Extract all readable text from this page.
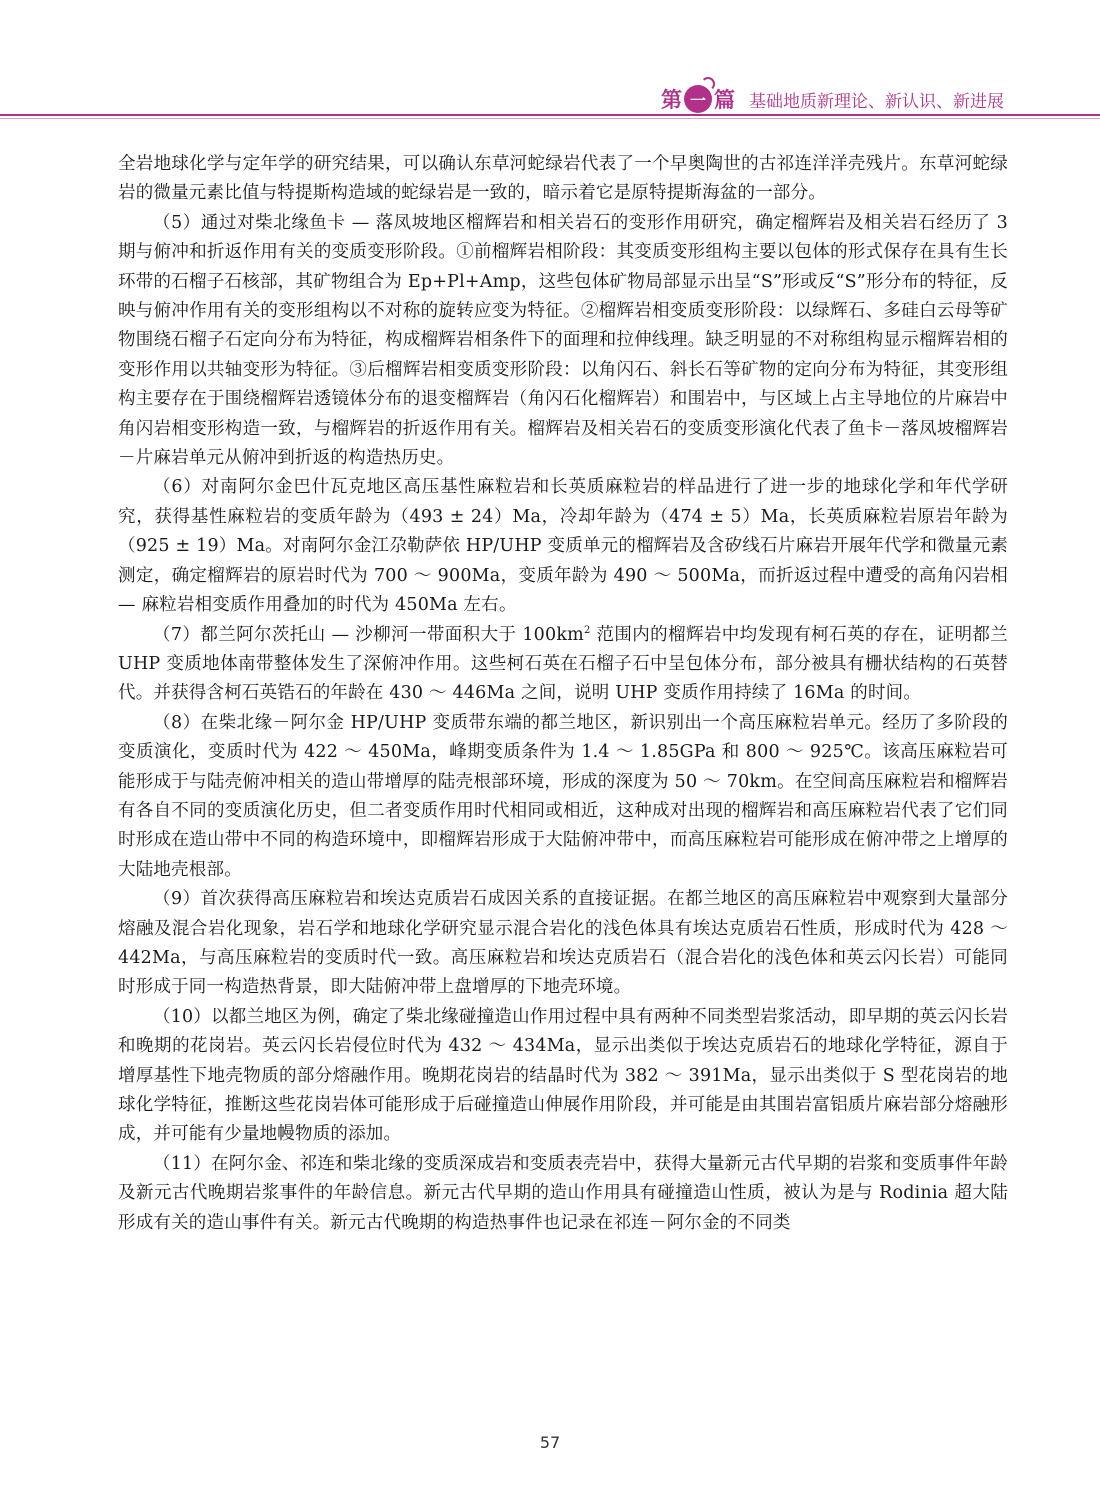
第 一 篇 基础地质新理论、新认识、新进展

全岩地球化学与定年学的研究结果，可以确认东草河蛇绿岩代表了一个早奥陶世的古祁连洋洋壳残片。东草河蛇绿岩的微量元素比值与特提斯构造域的蛇绿岩是一致的，暗示着它是原特提斯海盆的一部分。

（5）通过对柴北缘鱼卡 — 落凤坡地区榴辉岩和相关岩石的变形作用研究，确定榴辉岩及相关岩石经历了 3 期与俯冲和折返作用有关的变质变形阶段。①前榴辉岩相阶段：其变质变形组构主要以包体的形式保存在具有生长环带的石榴子石核部，其矿物组合为 Ep+Pl+Amp，这些包体矿物局部显示出呈“S”形或反“S”形分布的特征，反映与俯冲作用有关的变形组构以不对称的旋转应变为特征。②榴辉岩相变质变形阶段：以绿辉石、多硅白云母等矿物围绕石榴子石定向分布为特征，构成榴辉岩相条件下的面理和拉伸线理。缺乏明显的不对称组构显示榴辉岩相的变形作用以共轴变形为特征。③后榴辉岩相变质变形阶段：以角闪石、斜长石等矿物的定向分布为特征，其变形组构主要存在于围绕榴辉岩透镜体分布的退变榴辉岩（角闪石化榴辉岩）和围岩中，与区域上占主导地位的片麻岩中角闪岩相变形构造一致，与榴辉岩的折返作用有关。榴辉岩及相关岩石的变质变形演化代表了鱼卡－落凤坡榴辉岩－片麻岩单元从俯冲到折返的构造热历史。

（6）对南阿尔金巴什瓦克地区高压基性麻粒岩和长英质麻粒岩的样品进行了进一步的地球化学和年代学研究，获得基性麻粒岩的变质年龄为（493 ± 24）Ma，冷却年龄为（474 ± 5）Ma，长英质麻粒岩原岩年龄为（925 ± 19）Ma。对南阿尔金江尕勒萨依 HP/UHP 变质单元的榴辉岩及含矽线石片麻岩开展年代学和微量元素测定，确定榴辉岩的原岩时代为 700 ～ 900Ma，变质年龄为 490 ～ 500Ma，而折返过程中遭受的高角闪岩相 — 麻粒岩相变质作用叠加的时代为 450Ma 左右。

（7）都兰阿尔茨托山 — 沙柳河一带面积大于 $100km^2$ 范围内的榴辉岩中均发现有柯石英的存在，证明都兰 UHP 变质地体南带整体发生了深俯冲作用。这些柯石英在石榴子石中呈包体分布，部分被具有栅状结构的石英替代。并获得含柯石英锆石的年龄在 430 ～ 446Ma 之间，说明 UHP 变质作用持续了 16Ma 的时间。

（8）在柴北缘－阿尔金 HP/UHP 变质带东端的都兰地区，新识别出一个高压麻粒岩单元。经历了多阶段的变质演化，变质时代为 422 ～ 450Ma，峰期变质条件为 1.4 ～ 1.85GPa 和 800 ～ 925℃。该高压麻粒岩可能形成于与陆壳俯冲相关的造山带增厚的陆壳根部环境，形成的深度为 50 ～ 70km。在空间高压麻粒岩和榴辉岩有各自不同的变质演化历史，但二者变质作用时代相同或相近，这种成对出现的榴辉岩和高压麻粒岩代表了它们同时形成在造山带中不同的构造环境中，即榴辉岩形成于大陆俯冲带中，而高压麻粒岩可能形成在俯冲带之上增厚的大陆地壳根部。

（9）首次获得高压麻粒岩和埃达克质岩石成因关系的直接证据。在都兰地区的高压麻粒岩中观察到大量部分熔融及混合岩化现象，岩石学和地球化学研究显示混合岩化的浅色体具有埃达克质岩石性质，形成时代为 428 ～ 442Ma，与高压麻粒岩的变质时代一致。高压麻粒岩和埃达克质岩石（混合岩化的浅色体和英云闪长岩）可能同时形成于同一构造热背景，即大陆俯冲带上盘增厚的下地壳环境。

（10）以都兰地区为例，确定了柴北缘碰撞造山作用过程中具有两种不同类型岩浆活动，即早期的英云闪长岩和晚期的花岗岩。英云闪长岩侵位时代为 432 ～ 434Ma，显示出类似于埃达克质岩石的地球化学特征，源自于增厚基性下地壳物质的部分熔融作用。晚期花岗岩的结晶时代为 382 ～ 391Ma，显示出类似于 S 型花岗岩的地球化学特征，推断这些花岗岩体可能形成于后碰撞造山伸展作用阶段，并可能是由其围岩富铝质片麻岩部分熔融形成，并可能有少量地幔物质的添加。

（11）在阿尔金、祁连和柴北缘的变质深成岩和变质表壳岩中，获得大量新元古代早期的岩浆和变质事件年龄及新元古代晚期岩浆事件的年龄信息。新元古代早期的造山作用具有碰撞造山性质，被认为是与 Rodinia 超大陆形成有关的造山事件有关。新元古代晚期的构造热事件也记录在祁连－阿尔金的不同类

57
